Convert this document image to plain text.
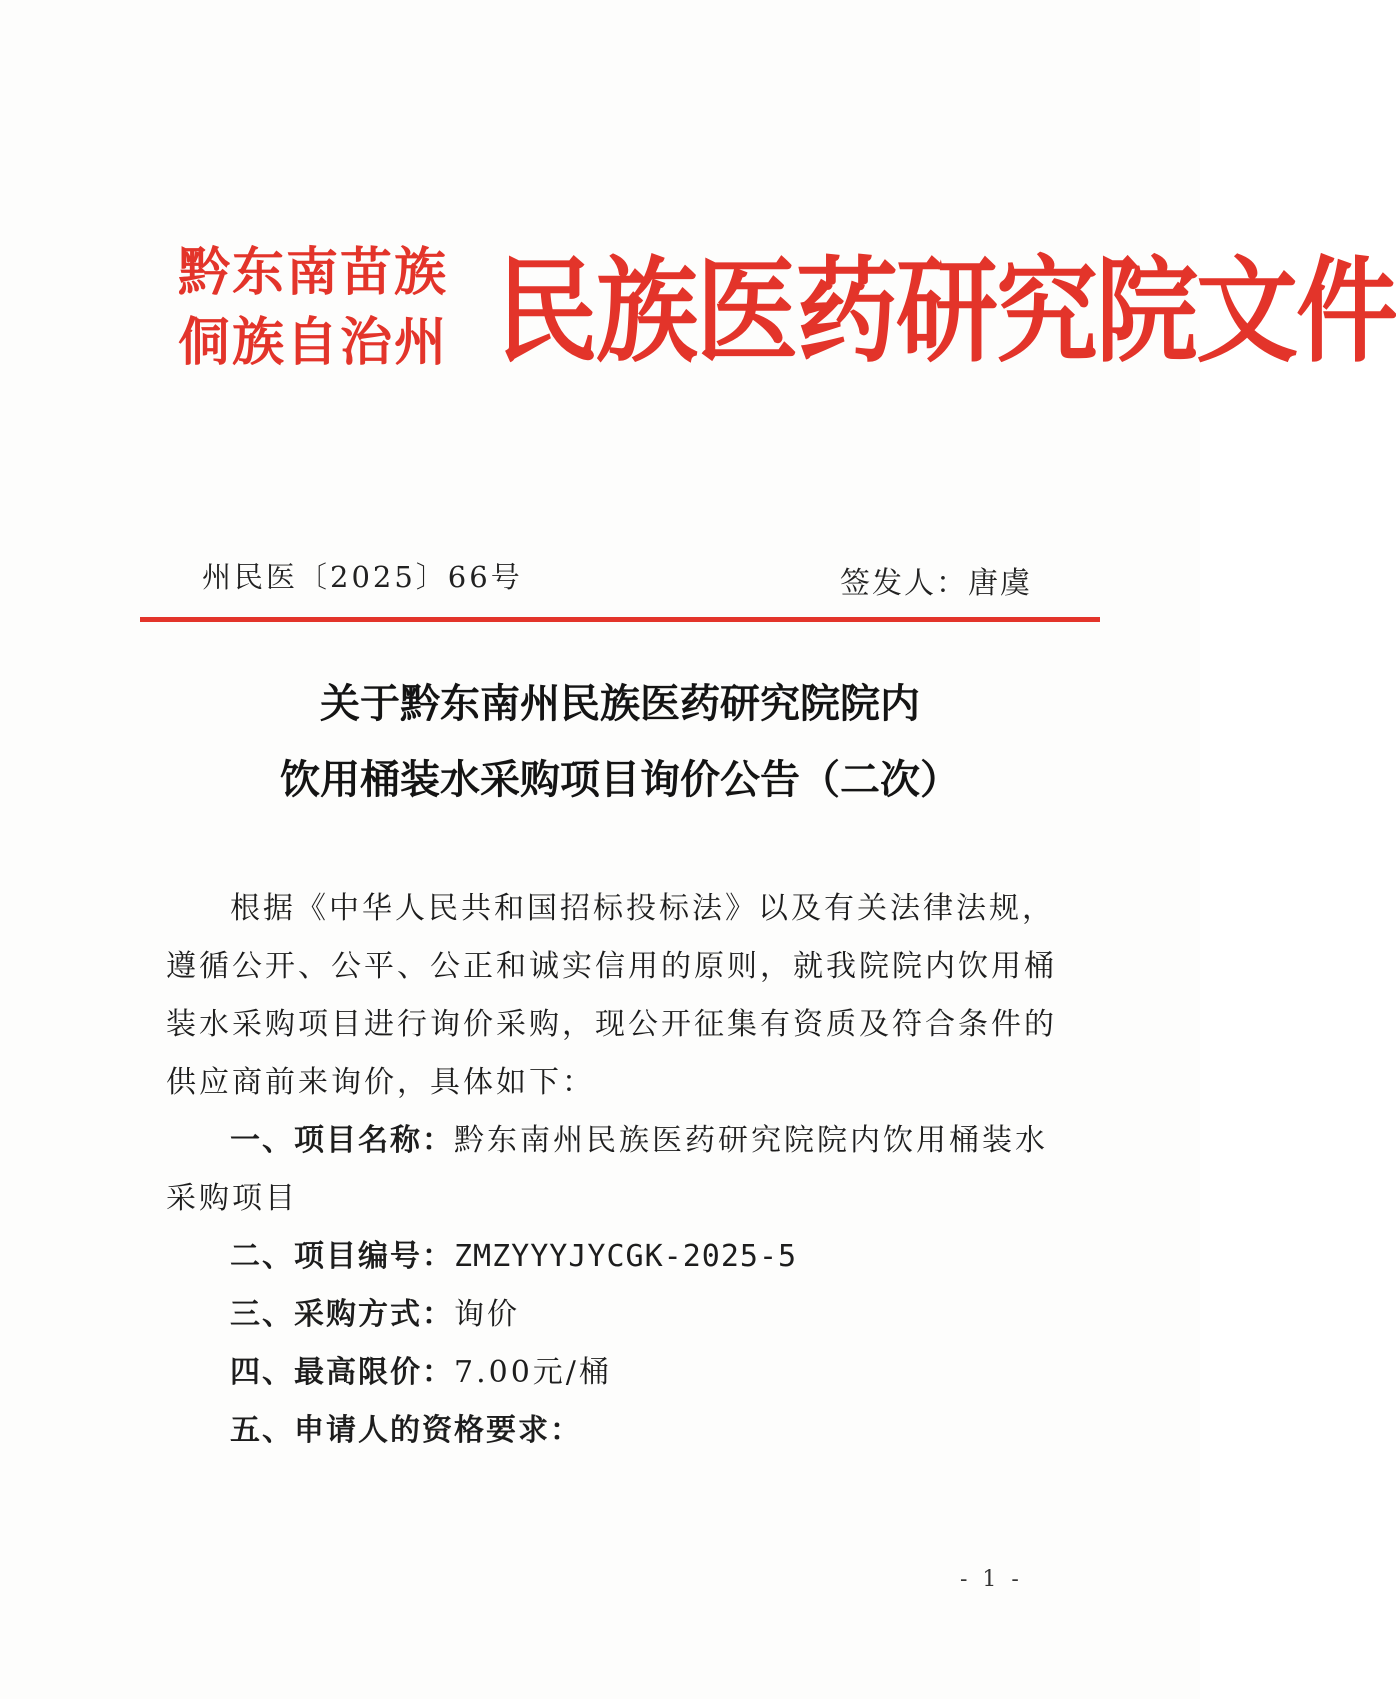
黔东南苗族
侗族自治州 民族医药研究院文件
州民医〔2025〕66号	签发人：唐虞
关于黔东南州民族医药研究院院内
饮用桶装水采购项目询价公告（二次）

根据《中华人民共和国招标投标法》以及有关法律法规，遵循公开、公平、公正和诚实信用的原则，就我院院内饮用桶装水采购项目进行询价采购，现公开征集有资质及符合条件的供应商前来询价，具体如下：

一、项目名称：黔东南州民族医药研究院院内饮用桶装水采购项目

二、项目编号：ZMZYYYJYCGK-2025-5

三、采购方式：询价

四、最高限价：7.00元/桶

五、申请人的资格要求：

- 1 -
